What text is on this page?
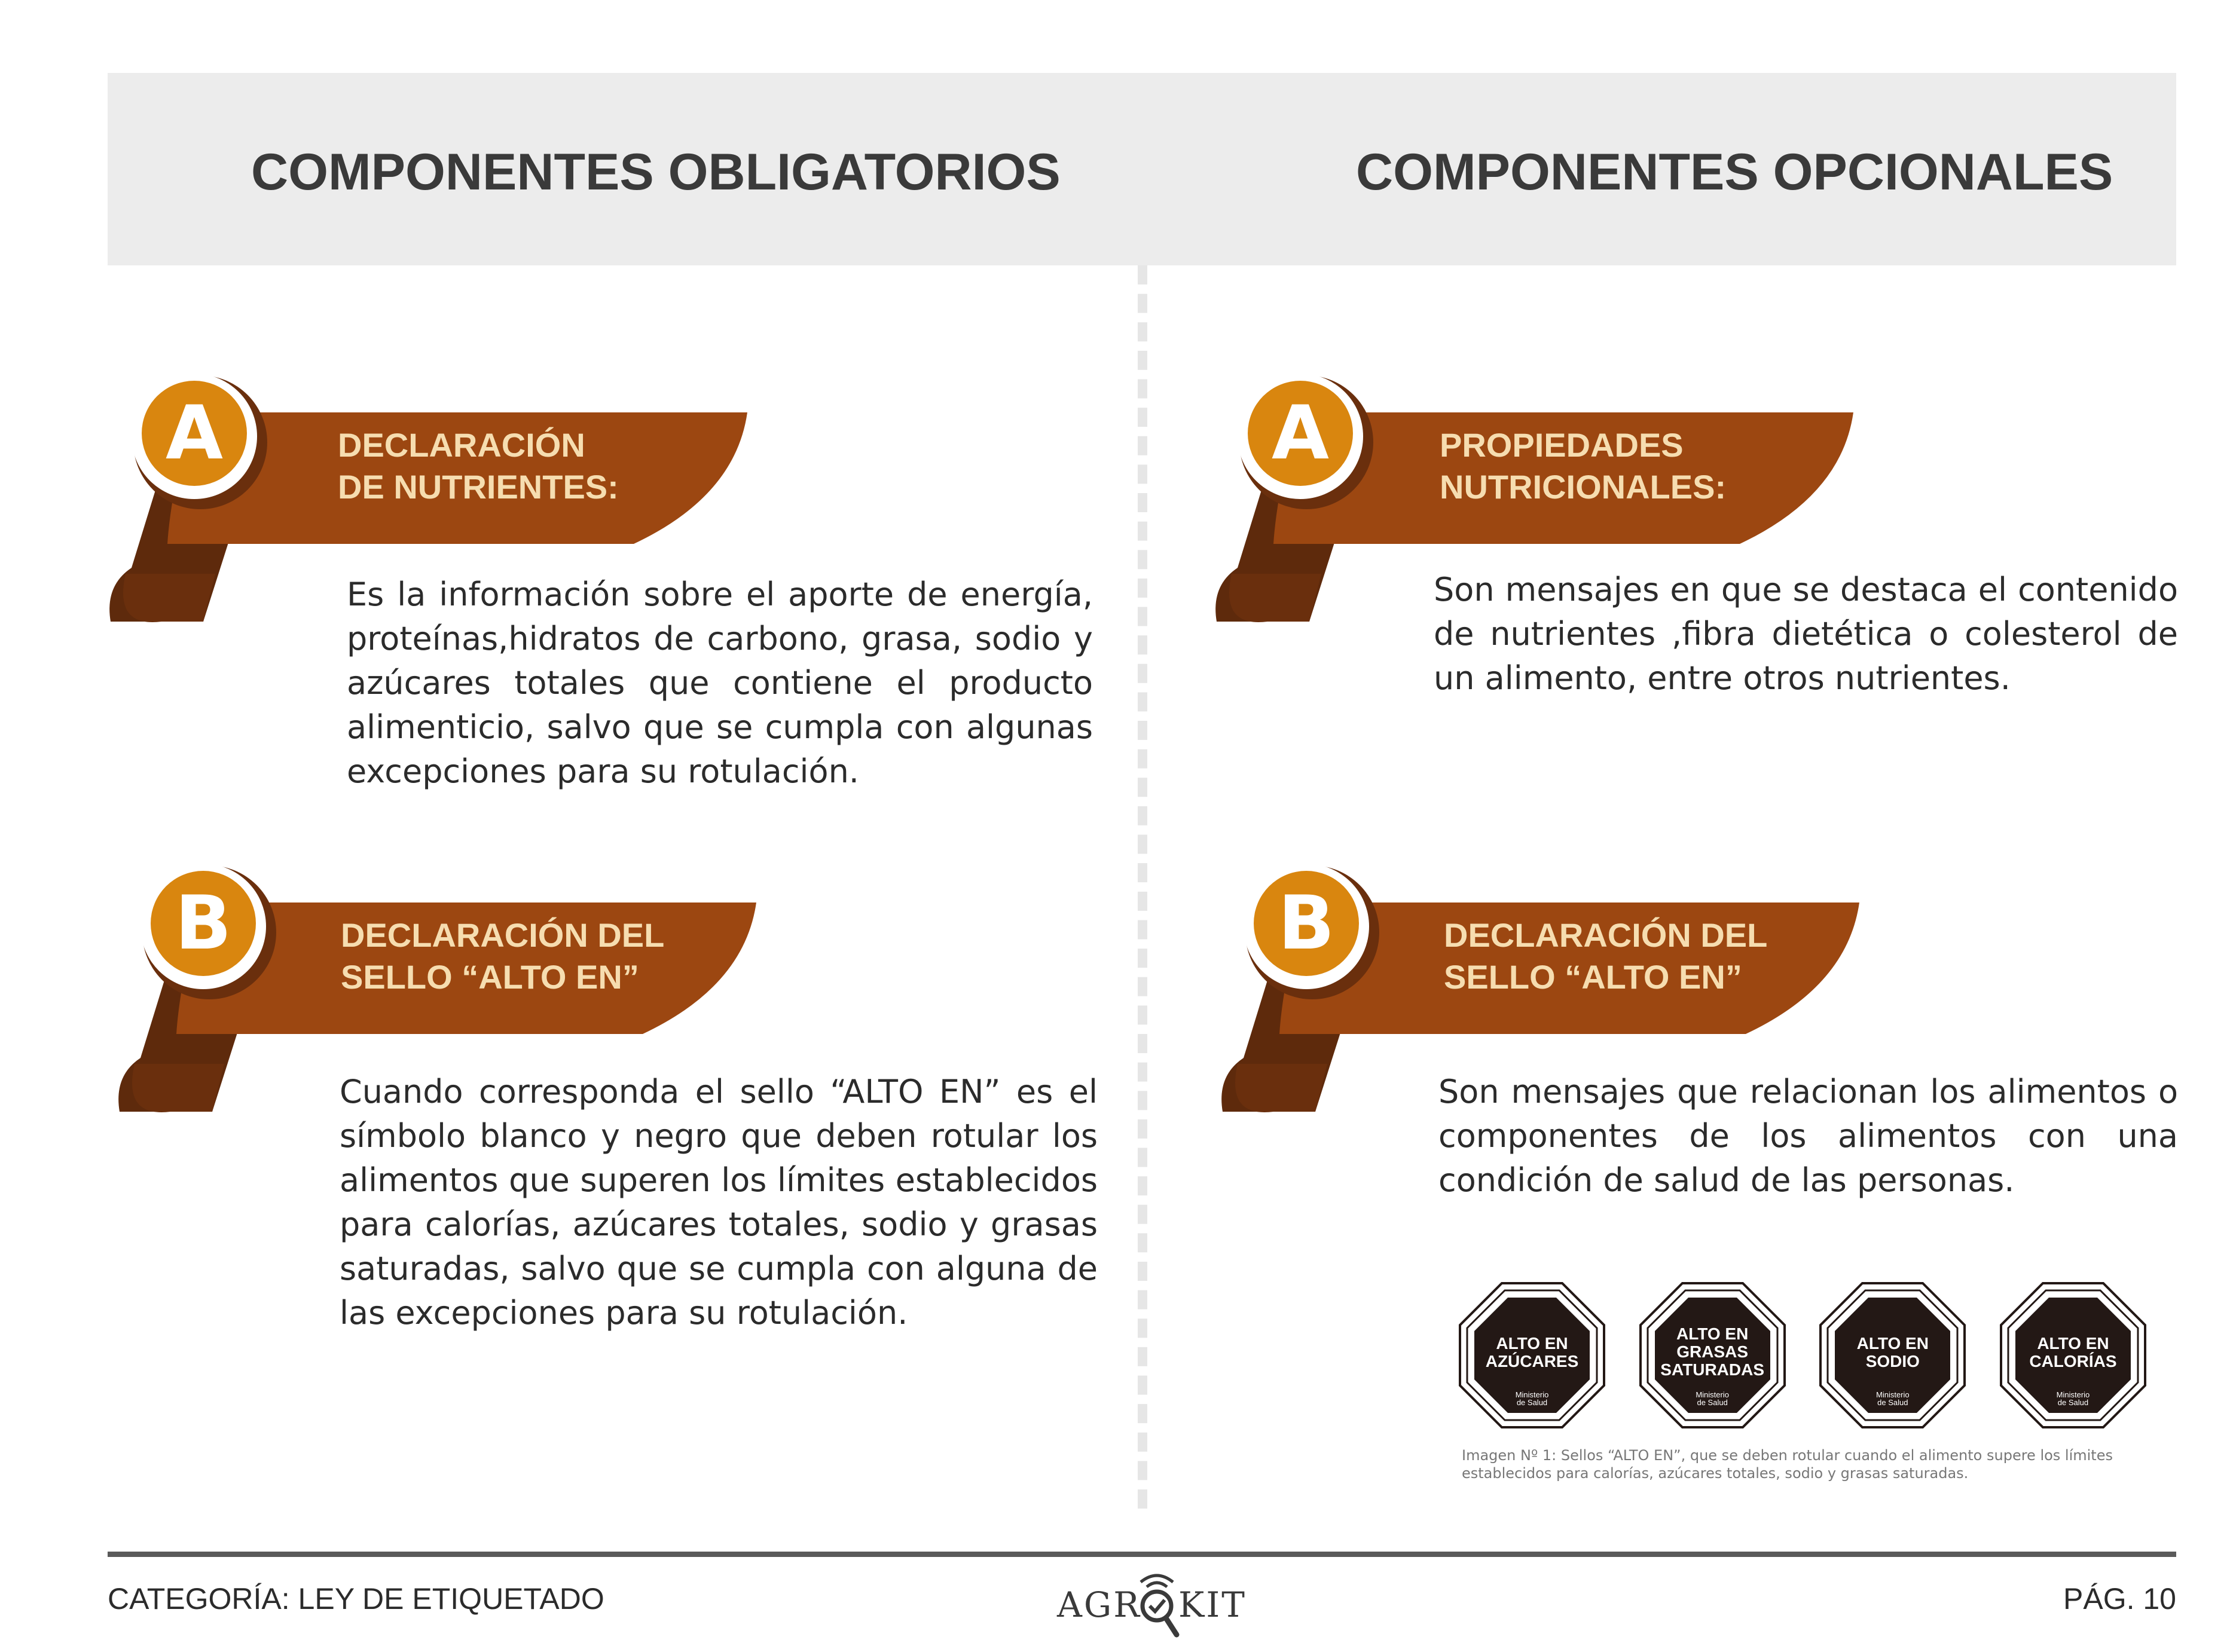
COMPONENTES OBLIGATORIOS	COMPONENTES OPCIONALES
A	DECLARACIÓN
DE NUTRIENTES:

Es la información sobre el aporte de energía, proteínas,hidratos de carbono, grasa, sodio y azúcares totales que contiene el producto alimenticio, salvo que se cumpla con algunas excepciones para su rotulación.

B	DECLARACIÓN DEL
SELLO “ALTO EN”

Cuando corresponda el sello “ALTO EN” es el símbolo blanco y negro que deben rotular los alimentos que superen los límites establecidos para calorías, azúcares totales, sodio y grasas saturadas, salvo que se cumpla con alguna de las excepciones para su rotulación.

A	PROPIEDADES
NUTRICIONALES:

Son mensajes en que se destaca el contenido de nutrientes ,fibra dietética o colesterol de un alimento, entre otros nutrientes.

B	DECLARACIÓN DEL
SELLO “ALTO EN”

Son mensajes que relacionan los alimentos o componentes de los alimentos con una condición de salud de las personas.

ALTO EN
AZÚCARES
Ministerio
de Salud
ALTO EN
GRASAS
SATURADAS
Ministerio
de Salud
ALTO EN
SODIO
Ministerio
de Salud
ALTO EN
CALORÍAS
Ministerio
de Salud

Imagen Nº 1: Sellos “ALTO EN”, que se deben rotular cuando el alimento supere los límites establecidos para calorías, azúcares totales, sodio y grasas saturadas.

CATEGORÍA: LEY DE ETIQUETADO	AGR KIT	PÁG. 10
